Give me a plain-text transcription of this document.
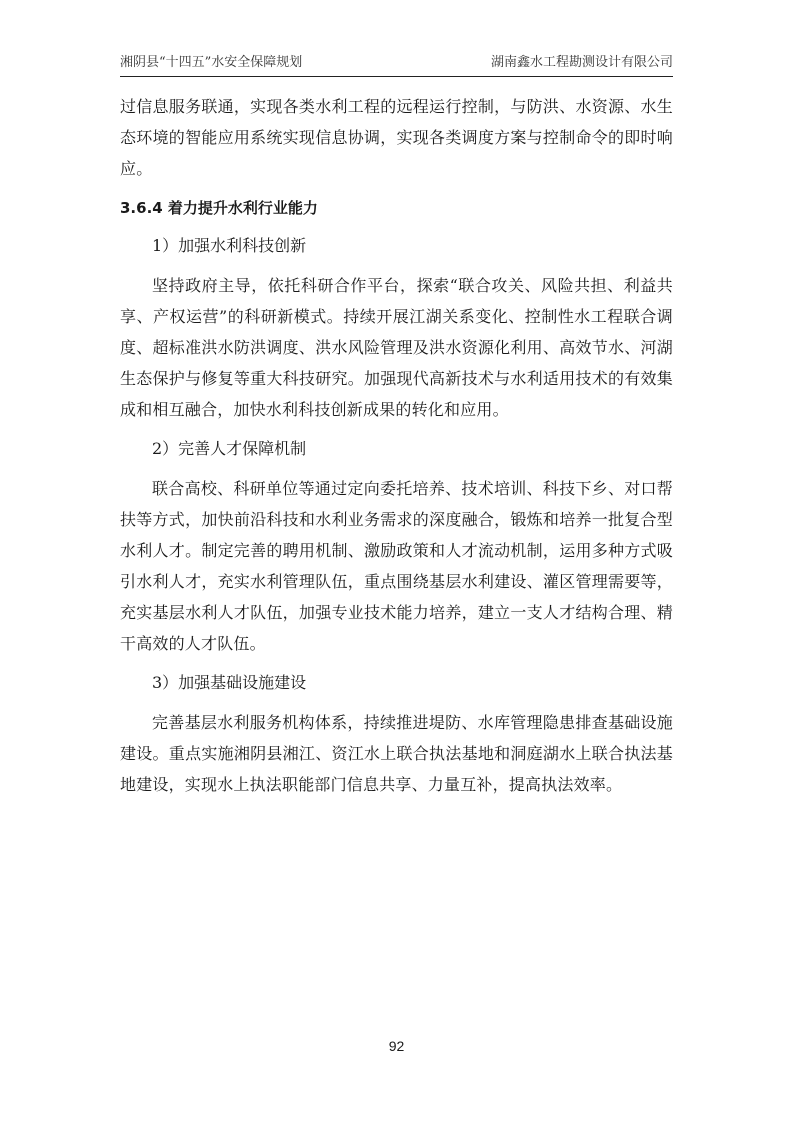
湘阴县“十四五”水安全保障规划	湖南鑫水工程勘测设计有限公司

过信息服务联通，实现各类水利工程的远程运行控制，与防洪、水资源、水生态环境的智能应用系统实现信息协调，实现各类调度方案与控制命令的即时响应。

3.6.4 着力提升水利行业能力
1）加强水利科技创新

坚持政府主导，依托科研合作平台，探索“联合攻关、风险共担、利益共享、产权运营”的科研新模式。持续开展江湖关系变化、控制性水工程联合调度、超标准洪水防洪调度、洪水风险管理及洪水资源化利用、高效节水、河湖生态保护与修复等重大科技研究。加强现代高新技术与水利适用技术的有效集成和相互融合，加快水利科技创新成果的转化和应用。

2）完善人才保障机制

联合高校、科研单位等通过定向委托培养、技术培训、科技下乡、对口帮扶等方式，加快前沿科技和水利业务需求的深度融合，锻炼和培养一批复合型水利人才。制定完善的聘用机制、激励政策和人才流动机制，运用多种方式吸引水利人才，充实水利管理队伍，重点围绕基层水利建设、灌区管理需要等，充实基层水利人才队伍，加强专业技术能力培养，建立一支人才结构合理、精干高效的人才队伍。

3）加强基础设施建设

完善基层水利服务机构体系，持续推进堤防、水库管理隐患排查基础设施建设。重点实施湘阴县湘江、资江水上联合执法基地和洞庭湖水上联合执法基地建设，实现水上执法职能部门信息共享、力量互补，提高执法效率。

92
